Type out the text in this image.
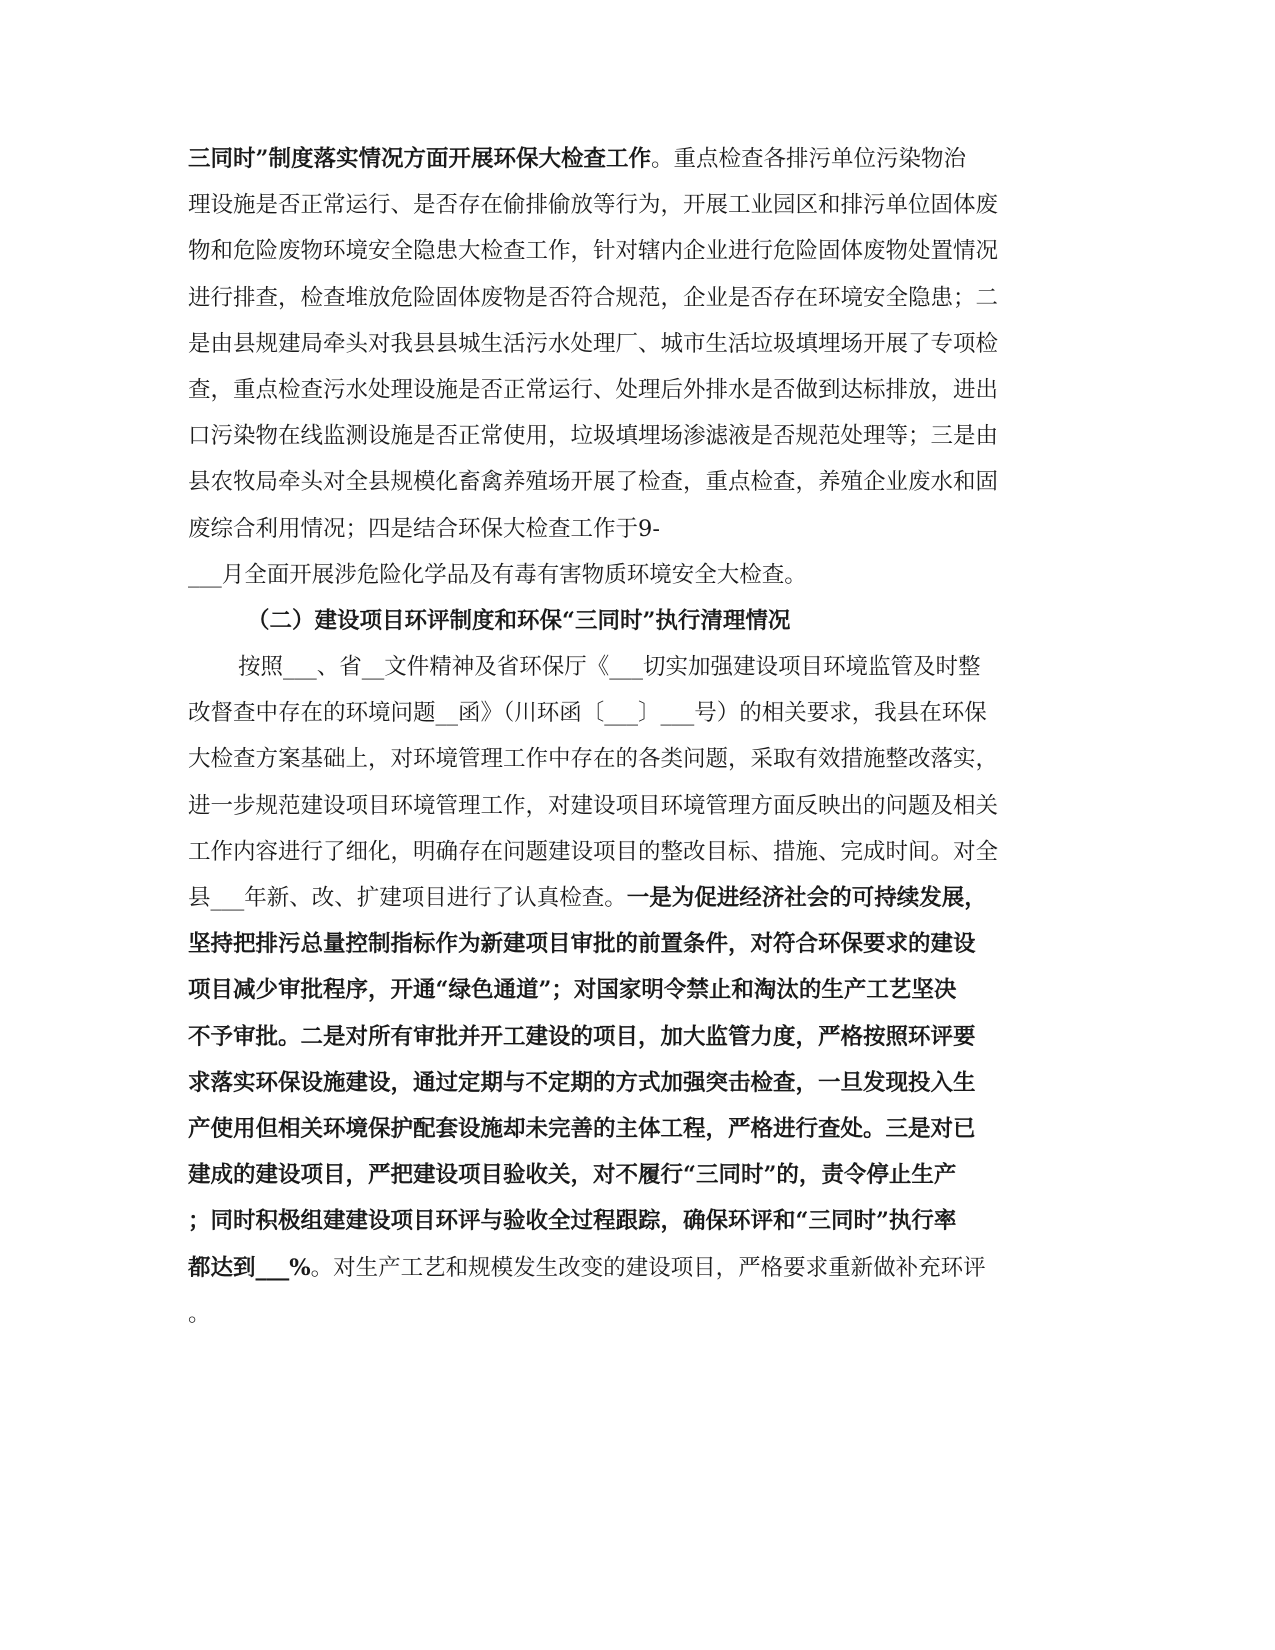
三同时”制度落实情况方面开展环保大检查工作。重点检查各排污单位污染物治
理设施是否正常运行、是否存在偷排偷放等行为，开展工业园区和排污单位固体废
物和危险废物环境安全隐患大检查工作，针对辖内企业进行危险固体废物处置情况
进行排查，检查堆放危险固体废物是否符合规范，企业是否存在环境安全隐患；二
是由县规建局牵头对我县县城生活污水处理厂、城市生活垃圾填埋场开展了专项检
查，重点检查污水处理设施是否正常运行、处理后外排水是否做到达标排放，进出
口污染物在线监测设施是否正常使用，垃圾填埋场渗滤液是否规范处理等；三是由
县农牧局牵头对全县规模化畜禽养殖场开展了检查，重点检查，养殖企业废水和固
废综合利用情况；四是结合环保大检查工作于9-
___月全面开展涉危险化学品及有毒有害物质环境安全大检查。
（二）建设项目环评制度和环保“三同时”执行清理情况
按照___、省__文件精神及省环保厅《___切实加强建设项目环境监管及时整
改督查中存在的环境问题__函》（川环函〔___〕___号）的相关要求，我县在环保
大检查方案基础上，对环境管理工作中存在的各类问题，采取有效措施整改落实，
进一步规范建设项目环境管理工作，对建设项目环境管理方面反映出的问题及相关
工作内容进行了细化，明确存在问题建设项目的整改目标、措施、完成时间。对全
县___年新、改、扩建项目进行了认真检查。一是为促进经济社会的可持续发展，
坚持把排污总量控制指标作为新建项目审批的前置条件，对符合环保要求的建设
项目减少审批程序，开通“绿色通道”；对国家明令禁止和淘汰的生产工艺坚决
不予审批。二是对所有审批并开工建设的项目，加大监管力度，严格按照环评要
求落实环保设施建设，通过定期与不定期的方式加强突击检查，一旦发现投入生
产使用但相关环境保护配套设施却未完善的主体工程，严格进行查处。三是对已
建成的建设项目，严把建设项目验收关，对不履行“三同时”的，责令停止生产
；同时积极组建建设项目环评与验收全过程跟踪，确保环评和“三同时”执行率
都达到___%。对生产工艺和规模发生改变的建设项目，严格要求重新做补充环评
。
